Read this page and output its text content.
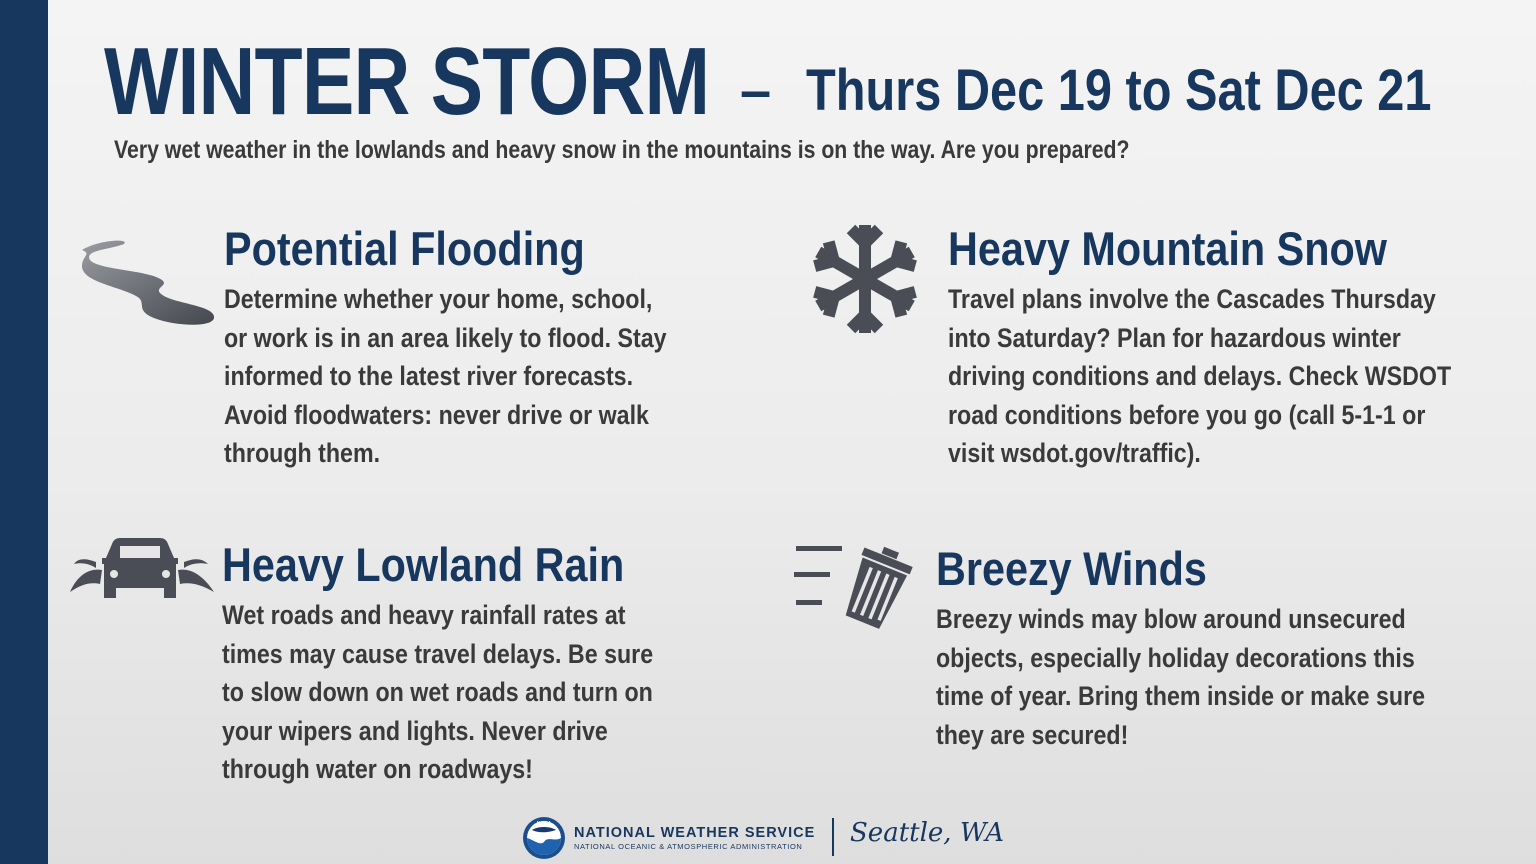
WINTER STORM – Thurs Dec 19 to Sat Dec 21
Very wet weather in the lowlands and heavy snow in the mountains is on the way. Are you prepared?
Potential Flooding
Determine whether your home, school,
or work is in an area likely to flood. Stay
informed to the latest river forecasts.
Avoid floodwaters: never drive or walk
through them.
Heavy Mountain Snow
Travel plans involve the Cascades Thursday
into Saturday? Plan for hazardous winter
driving conditions and delays. Check WSDOT
road conditions before you go (call 5-1-1 or
visit wsdot.gov/traffic).
Heavy Lowland Rain
Wet roads and heavy rainfall rates at
times may cause travel delays. Be sure
to slow down on wet roads and turn on
your wipers and lights. Never drive
through water on roadways!
Breezy Winds
Breezy winds may blow around unsecured
objects, especially holiday decorations this
time of year. Bring them inside or make sure
they are secured!
NOAA
NATIONAL WEATHER SERVICE
NATIONAL OCEANIC & ATMOSPHERIC ADMINISTRATION Seattle, WA
